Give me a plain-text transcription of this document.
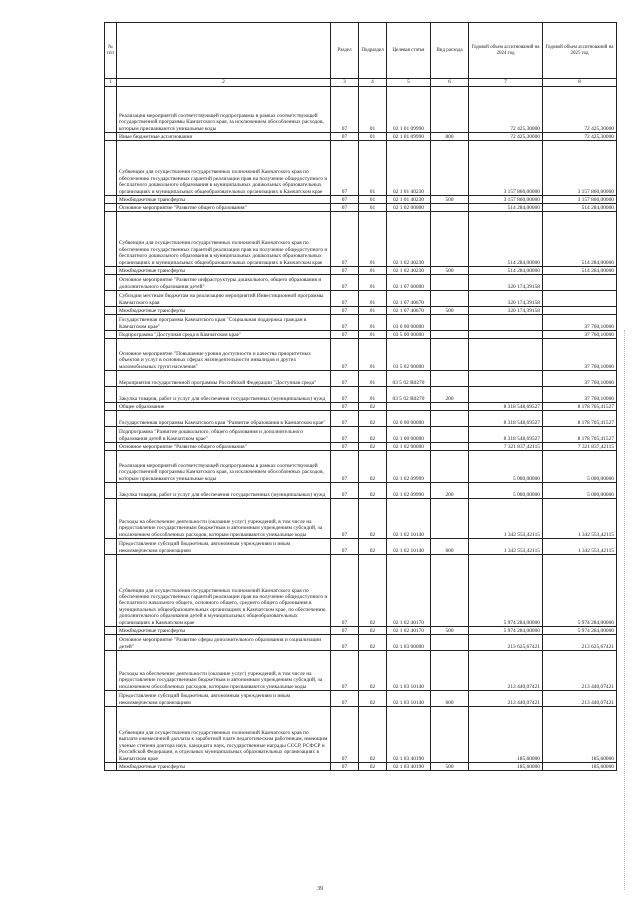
№ п/п		Раздел	Подраздел	Целевая статья	Вид расхода	Годовой объем ассигнований на 2024 год	Годовой объем ассигнований на 2025 год
1	2	3	4	5	6	7	8
	Реализация мероприятий соответствующей подпрограммы в рамках соответствующей государственной программы Камчатского края, за исключением обособленных расходов, которым присваиваются уникальные коды	07	01	02 1 01 09990		72 425,30000	72 425,30000
	Иные бюджетные ассигнования	07	01	02 1 01 09990	800	72 425,30000	72 425,30000
	Субвенции для осуществления государственных полномочий Камчатского края по обеспечению государственных гарантий реализации прав на получение общедоступного и бесплатного дошкольного образования в муниципальных дошкольных образовательных организациях и муниципальных общеобразовательных организациях в Камчатском крае	07	01	02 1 01 40230		3 157 860,00000	3 157 860,00000
	Межбюджетные трансферты	07	01	02 1 01 40230	500	3 157 860,00000	3 157 860,00000
	Основное мероприятие "Развитие общего образования"	07	01	02 1 02 00000		514 284,00000	514 284,00000
	Субвенции для осуществления государственных полномочий Камчатского края по обеспечению государственных гарантий реализации прав на получение общедоступного и бесплатного дошкольного образования в муниципальных дошкольных образовательных организациях и муниципальных общеобразовательных организациях в Камчатском крае	07	01	02 1 02 40230		514 284,00000	514 284,00000
	Межбюджетные трансферты	07	01	02 1 02 40230	500	514 284,00000	514 284,00000
	Основное мероприятие "Развитие инфраструктуры дошкольного, общего образования и дополнительного образования детей"	07	01	02 1 07 00000		320 174,39158	
	Субсидии местным бюджетам на реализацию мероприятий Инвестиционной программы Камчатского края	07	01	02 1 07 40670		320 174,39158	
	Межбюджетные трансферты	07	01	02 1 07 40670	500	320 174,39158	
	Государственная программа Камчатского края "Социальная поддержка граждан в Камчатском крае"	07	01	03 0 00 00000			37 760,10000
	Подпрограмма "Доступная среда в Камчатском крае"	07	01	03 5 00 00000			37 760,10000
	Основное мероприятие "Повышение уровня доступности и качества приоритетных объектов и услуг в основных сферах жизнедеятельности инвалидов и других маломобильных групп населения"	07	01	03 5 02 00000			37 760,10000
	Мероприятия государственной программы Российской Федерации "Доступная среда"	07	01	03 5 02 R0270			37 760,10000
	Закупка товаров, работ и услуг для обеспечения государственных (муниципальных) нужд	07	01	03 5 02 R0270	200		37 760,10000
	Общее образование	07	02			8 318 548,69527	8 178 705,41527
	Государственная программа Камчатского края "Развитие образования в Камчатском крае"	07	02	02 0 00 00000		8 318 548,69527	8 178 705,41527
	Подпрограмма "Развитие дошкольного, общего образования и дополнительного образования детей в Камчатском крае"	07	02	02 1 00 00000		8 318 548,69527	8 178 705,41527
	Основное мероприятие "Развитие общего образования"	07	02	02 1 02 00000		7 321 837,42115	7 321 837,42115
	Реализация мероприятий соответствующей подпрограммы в рамках соответствующей государственной программы Камчатского края, за исключением обособленных расходов, которым присваиваются уникальные коды	07	02	02 1 02 09999		5 000,00000	5 000,00000
	Закупка товаров, работ и услуг для обеспечения государственных (муниципальных) нужд	07	02	02 1 02 09990	200	5 000,00000	5 000,00000
	Расходы на обеспечение деятельности (оказание услуг) учреждений, в том числе на предоставление государственным бюджетным и автономным учреждениям субсидий, за исключением обособленных расходов, которым присваиваются уникальные коды	07	02	02 1 02 10140		1 342 553,42115	1 342 553,42115
	Предоставление субсидий бюджетным, автономным учреждениям и иным некоммерческим организациям	07	02	02 1 02 10140	600	1 342 553,42115	1 342 553,42115
	Субвенции для осуществления государственных полномочий Камчатского края по обеспечению государственных гарантий реализации прав на получение общедоступного и бесплатного начального общего, основного общего, среднего общего образования в муниципальных общеобразовательных организациях в Камчатском крае, по обеспечению дополнительного образования детей в муниципальных общеобразовательных организациях в Камчатском крае	07	02	02 1 02 40170		5 974 284,00000	5 974 284,00000
	Межбюджетные трансферты	07	02	02 1 02 40170	500	5 974 284,00000	5 974 284,00000
	Основное мероприятие "Развитие сферы дополнительного образования и социализации детей"	07	02	02 1 03 00000		213 625,67421	213 625,67421
	Расходы на обеспечение деятельности (оказание услуг) учреждений, в том числе на предоставление государственным бюджетным и автономным учреждениям субсидий, за исключением обособленных расходов, которым присваиваются уникальные коды	07	02	02 1 03 10140		213 440,07421	213 440,07421
	Предоставление субсидий бюджетным, автономным учреждениям и иным некоммерческим организациям	07	02	02 1 03 10140	600	213 440,07421	213 440,07421
	Субвенции для осуществления государственных полномочий Камчатского края по выплате ежемесячной доплаты к заработной плате педагогическим работникам, имеющим ученые степени доктора наук, кандидата наук, государственные награды СССР, РСФСР и Российской Федерации, в отдельных муниципальных образовательных организациях в Камчатском крае	07	02	02 1 03 40190		185,60000	185,60000
	Межбюджетные трансферты	07	02	02 1 03 40190	500	185,60000	185,60000
39
